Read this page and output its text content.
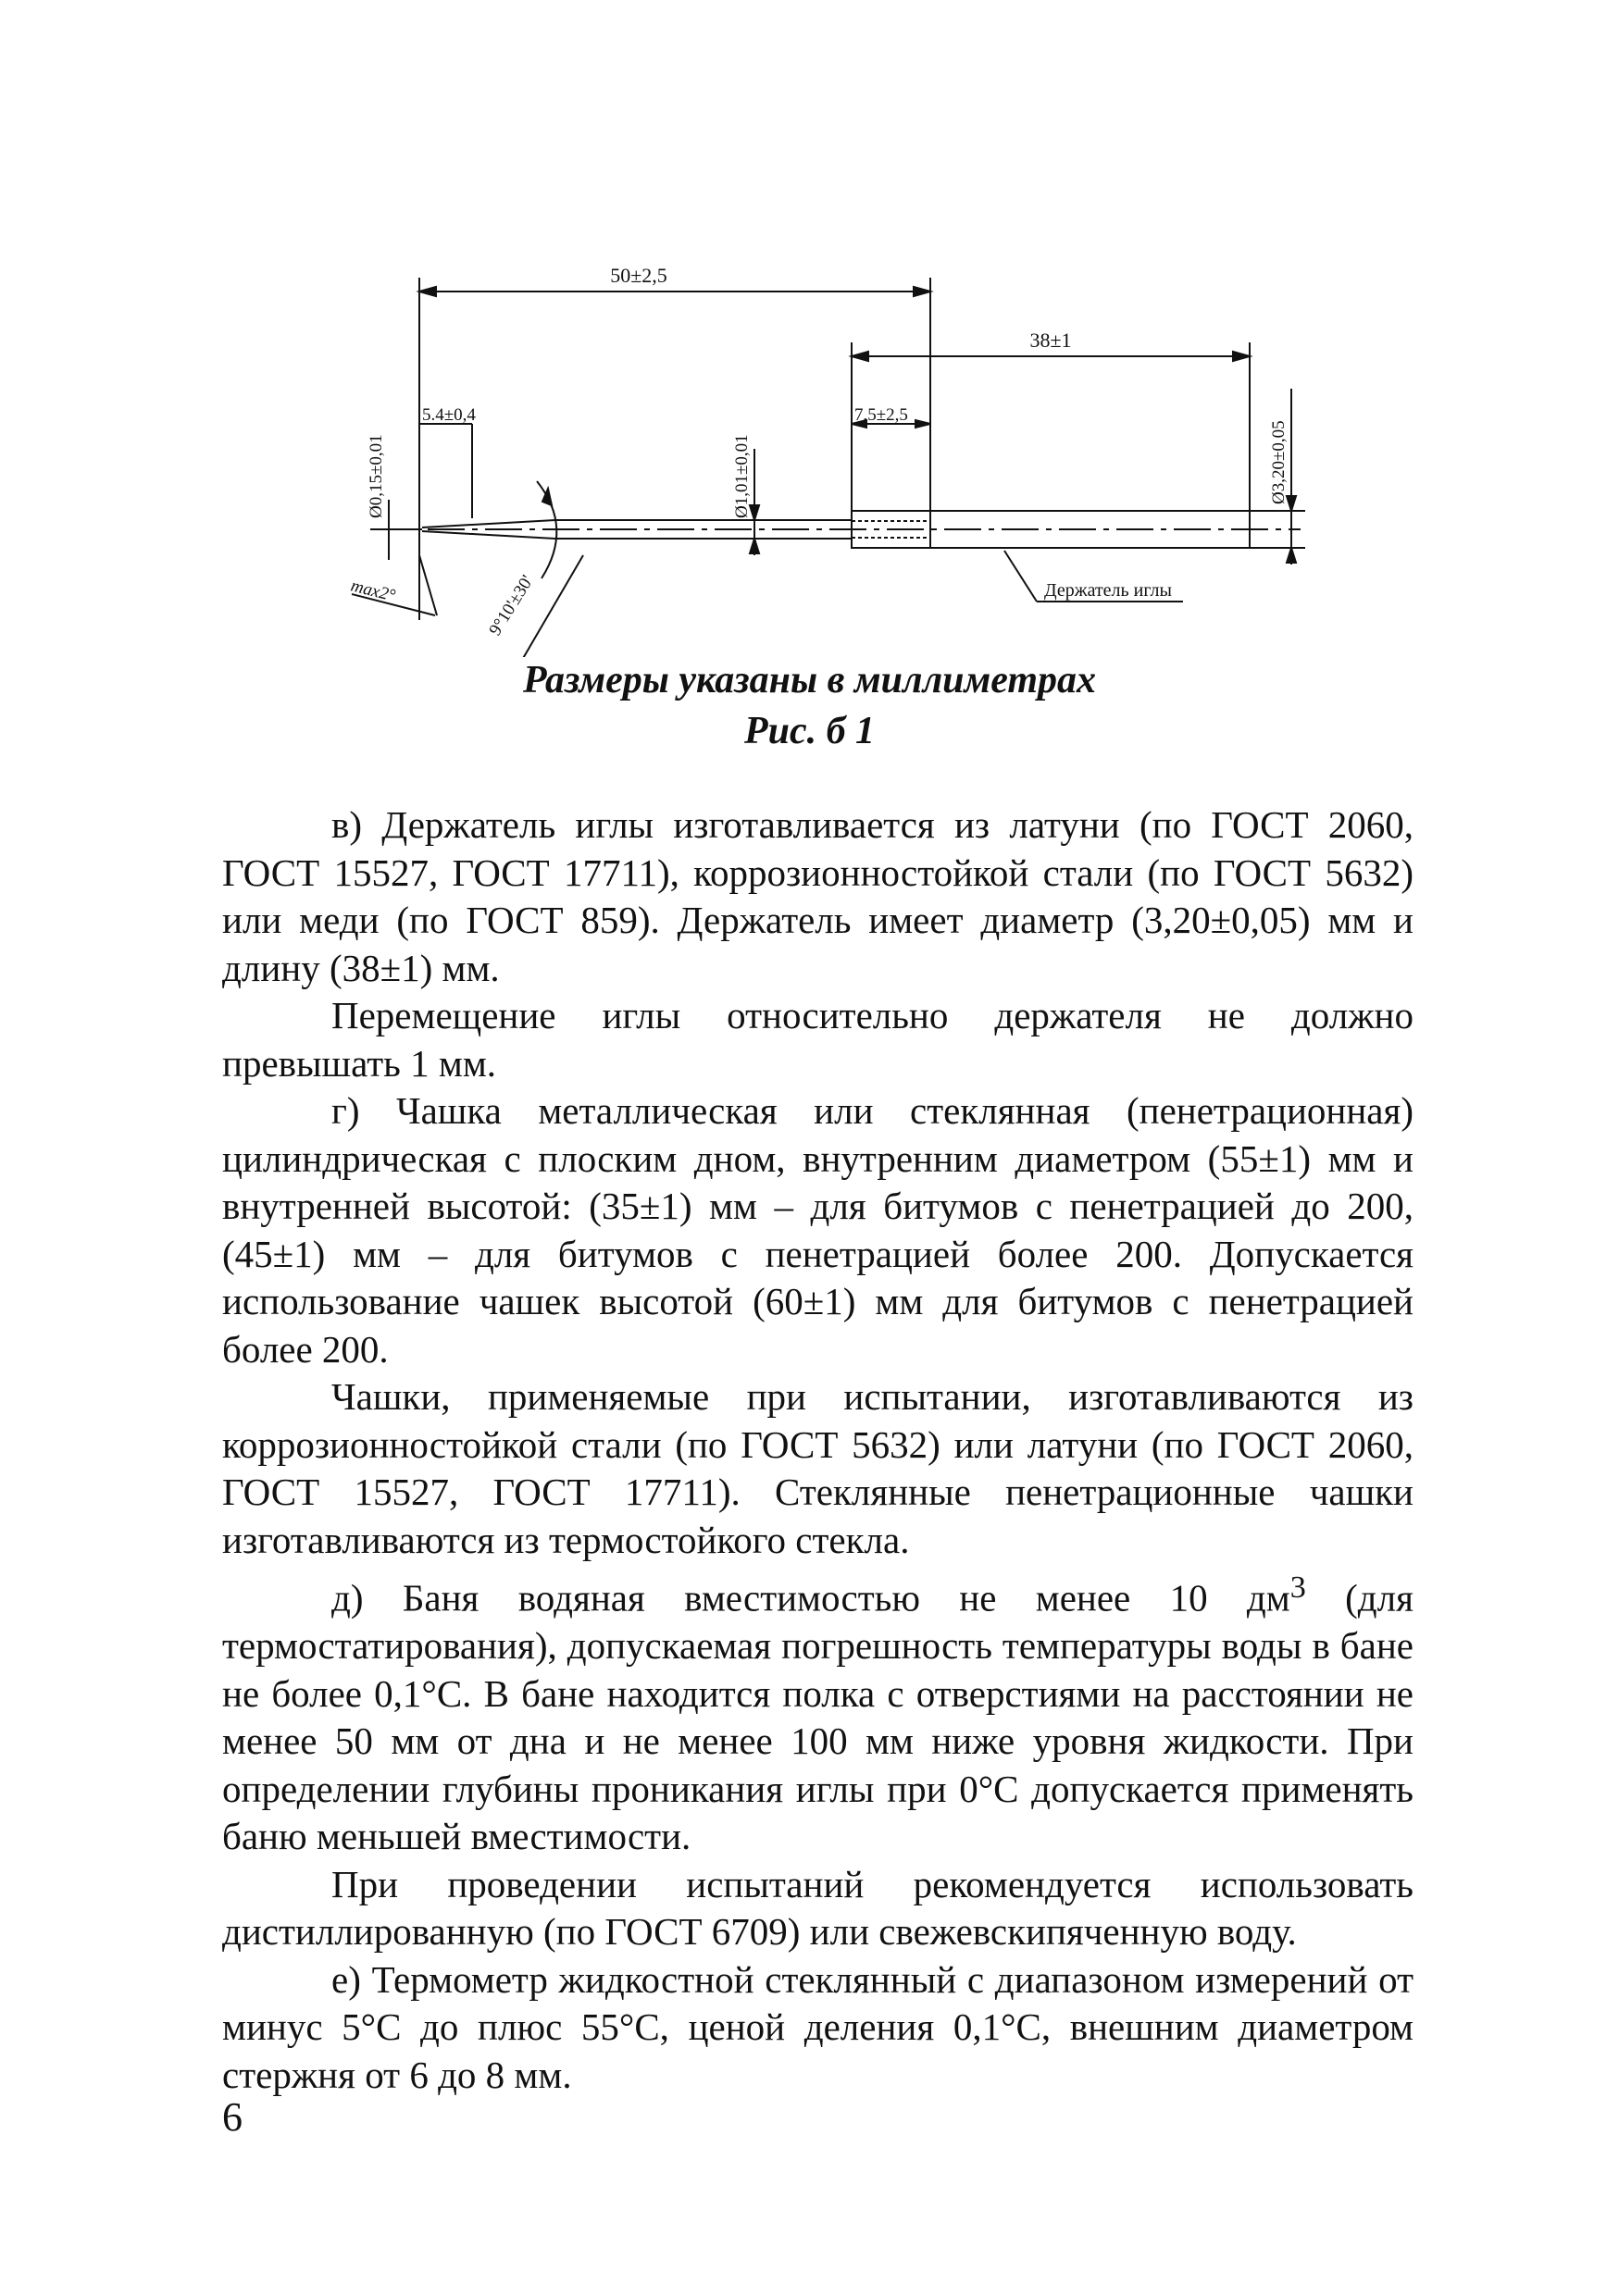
50±2,5
38±1
5.4±0,4	7,5±2,5
Ø0,15±0,01	Ø1,01±0,01	Ø3,20±0,05
max2°	9°10'±30'	Держатель иглы
Размеры указаны в миллиметрах
Рис. б 1

в) Держатель иглы изготавливается из латуни (по ГОСТ 2060, ГОСТ 15527, ГОСТ 17711), коррозионностойкой стали (по ГОСТ 5632) или меди (по ГОСТ 859). Держатель имеет диаметр (3,20±0,05) мм и длину (38±1) мм.

Перемещение иглы относительно держателя не должно превышать 1 мм.

г) Чашка металлическая или стеклянная (пенетрационная) цилиндрическая с плоским дном, внутренним диаметром (55±1) мм и внутренней высотой: (35±1) мм – для битумов с пенетрацией до 200, (45±1) мм – для битумов с пенетрацией более 200. Допускается использование чашек высотой (60±1) мм для битумов с пенетрацией более 200.

Чашки, применяемые при испытании, изготавливаются из коррозионностойкой стали (по ГОСТ 5632) или латуни (по ГОСТ 2060, ГОСТ 15527, ГОСТ 17711). Стеклянные пенетрационные чашки изготавливаются из термостойкого стекла.

д) Баня водяная вместимостью не менее 10 $дм^3$ (для термостатирования), допускаемая погрешность температуры воды в бане не более 0,1°С. В бане находится полка с отверстиями на расстоянии не менее 50 мм от дна и не менее 100 мм ниже уровня жидкости. При определении глубины проникания иглы при 0°С допускается применять баню меньшей вместимости.

При проведении испытаний рекомендуется использовать дистиллированную (по ГОСТ 6709) или свежевскипяченную воду.

е) Термометр жидкостной стеклянный с диапазоном измерений от минус 5°С до плюс 55°С, ценой деления 0,1°С, внешним диаметром стержня от 6 до 8 мм.

6
